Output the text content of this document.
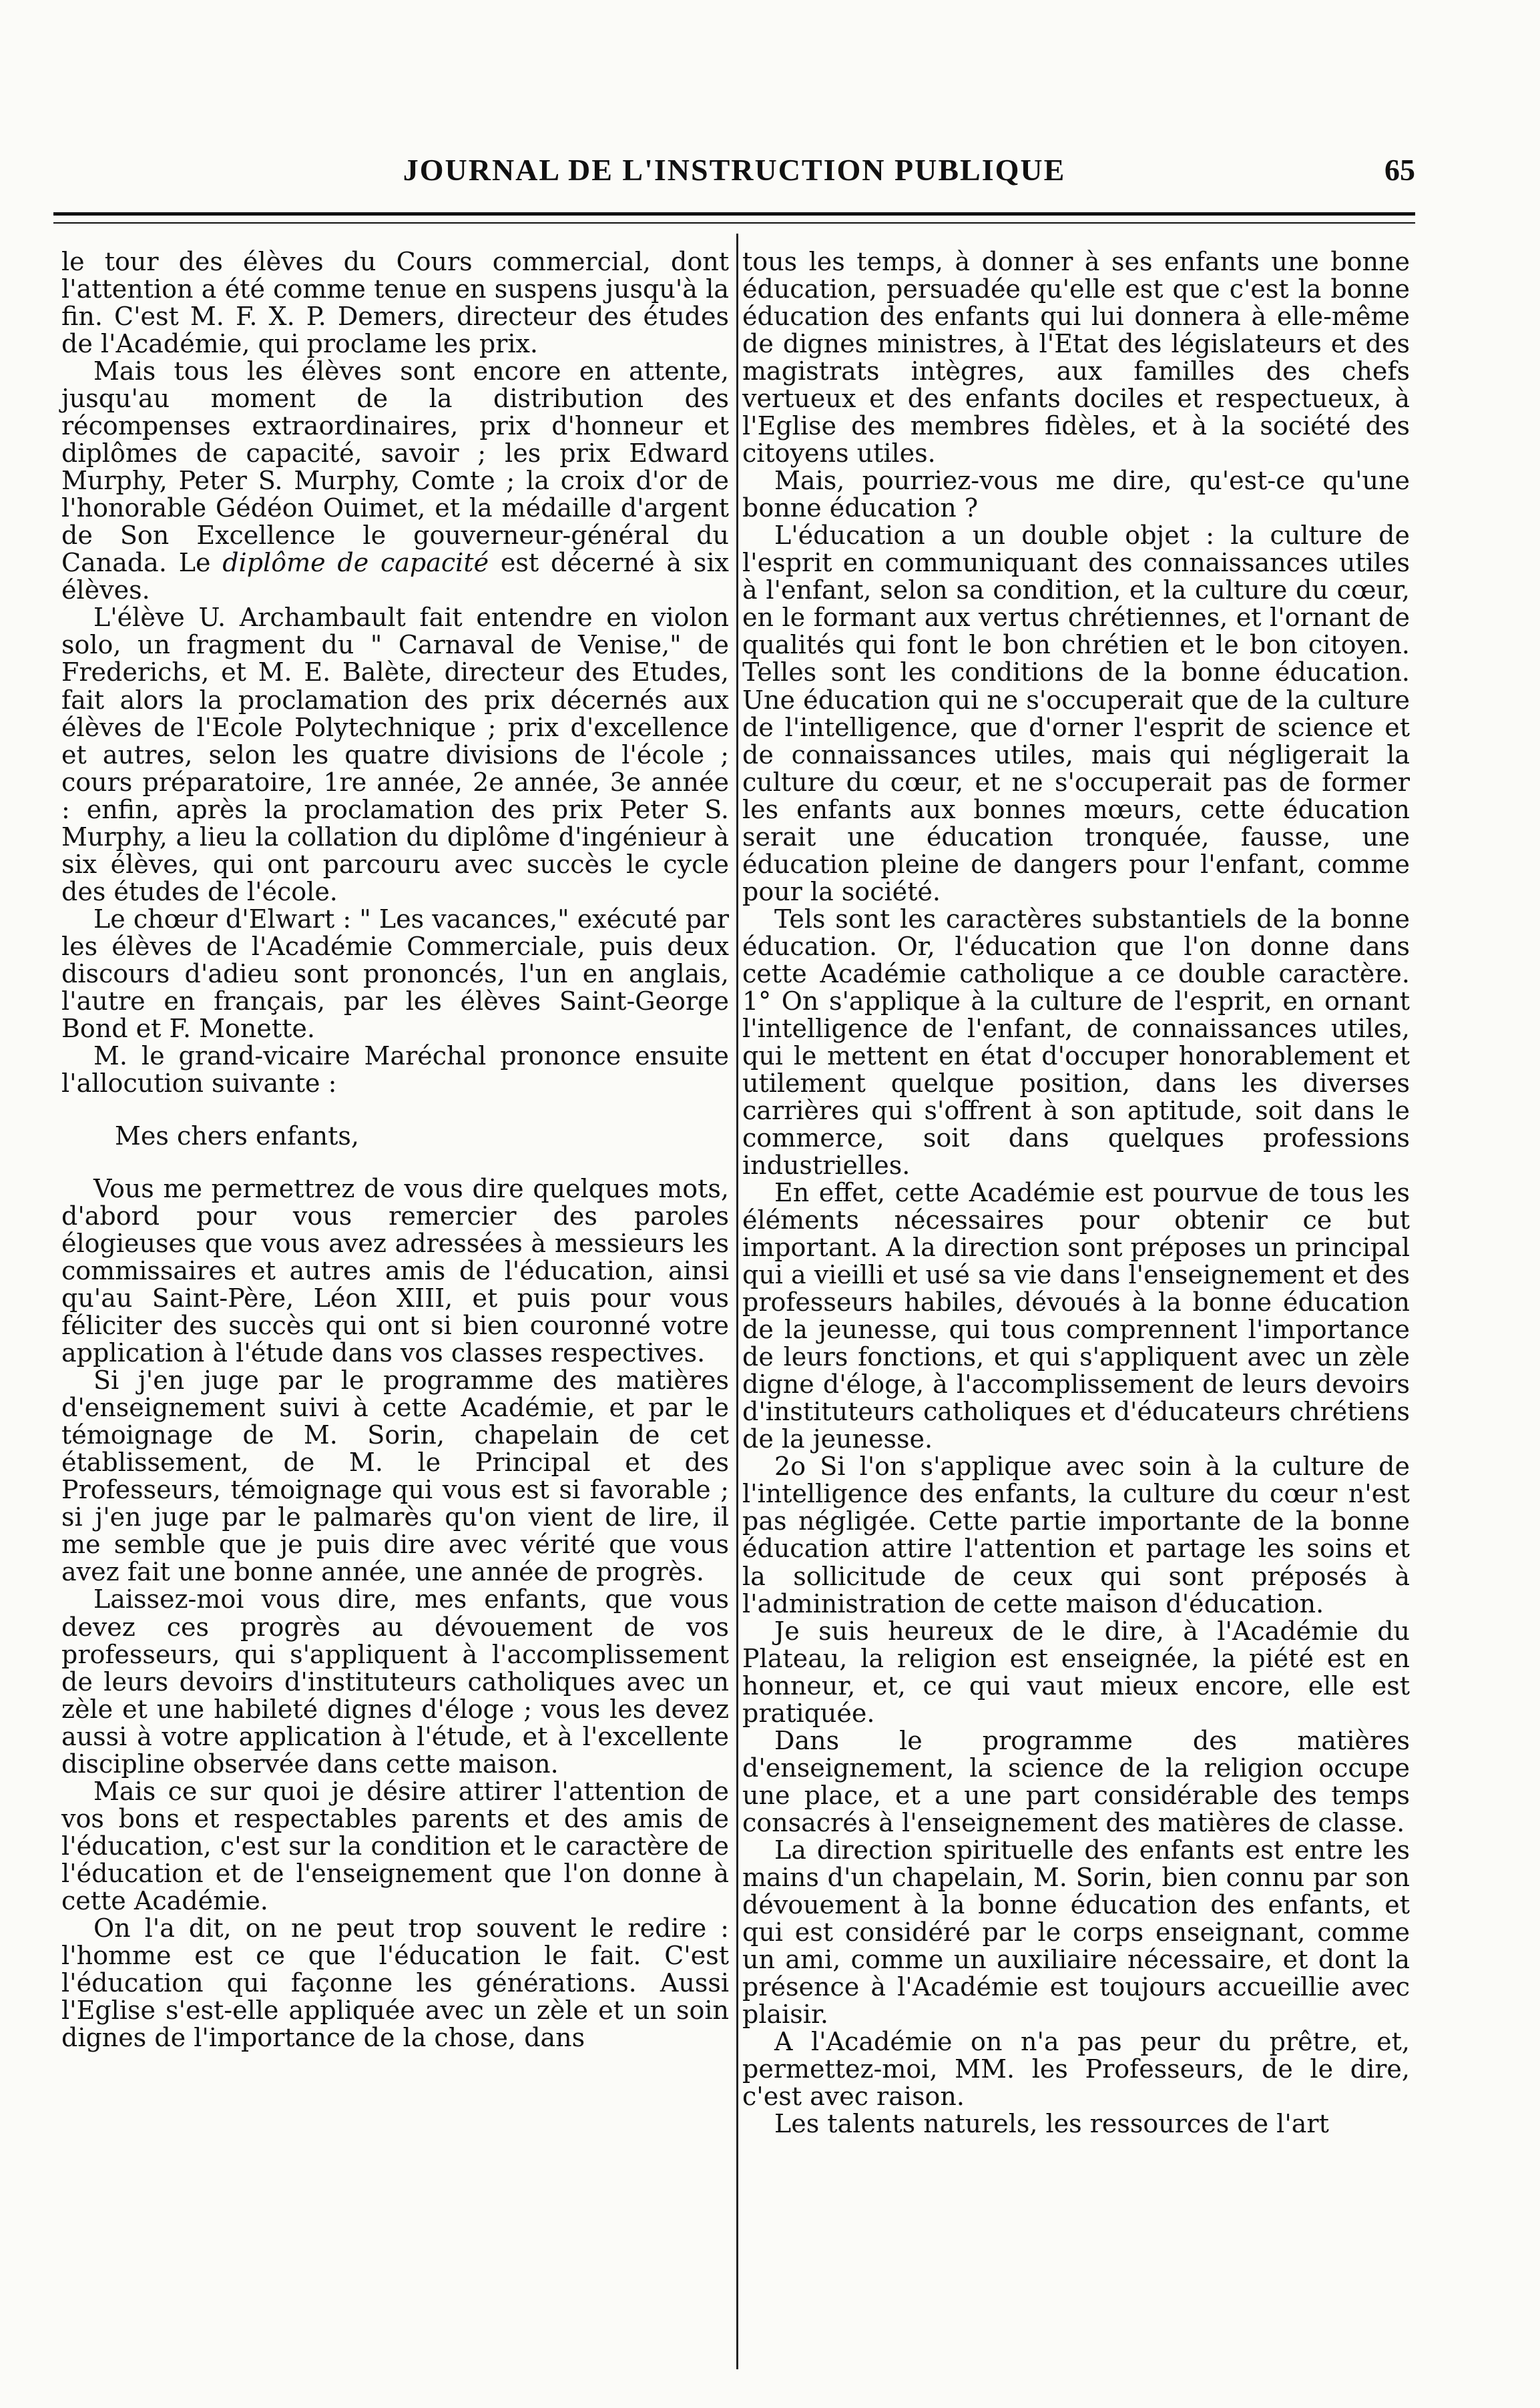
JOURNAL DE L'INSTRUCTION PUBLIQUE	65

le tour des élèves du Cours commercial, dont l'attention a été comme tenue en suspens jusqu'à la fin. C'est M. F. X. P. Demers, directeur des études de l'Académie, qui proclame les prix.

Mais tous les élèves sont encore en attente, jusqu'au moment de la distribution des récompenses extraordinaires, prix d'honneur et diplômes de capacité, savoir ; les prix Edward Murphy, Peter S. Murphy, Comte ; la croix d'or de l'honorable Gédéon Ouimet, et la médaille d'argent de Son Excellence le gouverneur-général du Canada. Le diplôme de capacité est décerné à six élèves.

L'élève U. Archambault fait entendre en violon solo, un fragment du " Carnaval de Venise," de Frederichs, et M. E. Balète, directeur des Etudes, fait alors la proclamation des prix décernés aux élèves de l'Ecole Polytechnique ; prix d'excellence et autres, selon les quatre divisions de l'école ; cours préparatoire, 1re année, 2e année, 3e année : enfin, après la proclamation des prix Peter S. Murphy, a lieu la collation du diplôme d'ingénieur à six élèves, qui ont parcouru avec succès le cycle des études de l'école.

Le chœur d'Elwart : " Les vacances," exécuté par les élèves de l'Académie Commerciale, puis deux discours d'adieu sont prononcés, l'un en anglais, l'autre en français, par les élèves Saint-George Bond et F. Monette.

M. le grand-vicaire Maréchal prononce ensuite l'allocution suivante :

Mes chers enfants,

Vous me permettrez de vous dire quelques mots, d'abord pour vous remercier des paroles élogieuses que vous avez adressées à messieurs les commissaires et autres amis de l'éducation, ainsi qu'au Saint-Père, Léon XIII, et puis pour vous féliciter des succès qui ont si bien couronné votre application à l'étude dans vos classes respectives.

Si j'en juge par le programme des matières d'enseignement suivi à cette Académie, et par le témoignage de M. Sorin, chapelain de cet établissement, de M. le Principal et des Professeurs, témoignage qui vous est si favorable ; si j'en juge par le palmarès qu'on vient de lire, il me semble que je puis dire avec vérité que vous avez fait une bonne année, une année de progrès.

Laissez-moi vous dire, mes enfants, que vous devez ces progrès au dévouement de vos professeurs, qui s'appliquent à l'accomplissement de leurs devoirs d'instituteurs catholiques avec un zèle et une habileté dignes d'éloge ; vous les devez aussi à votre application à l'étude, et à l'excellente discipline observée dans cette maison.

Mais ce sur quoi je désire attirer l'attention de vos bons et respectables parents et des amis de l'éducation, c'est sur la condition et le caractère de l'éducation et de l'enseignement que l'on donne à cette Académie.

On l'a dit, on ne peut trop souvent le redire : l'homme est ce que l'éducation le fait. C'est l'éducation qui façonne les générations. Aussi l'Eglise s'est-elle appliquée avec un zèle et un soin dignes de l'importance de la chose, dans

tous les temps, à donner à ses enfants une bonne éducation, persuadée qu'elle est que c'est la bonne éducation des enfants qui lui donnera à elle-même de dignes ministres, à l'Etat des législateurs et des magistrats intègres, aux familles des chefs vertueux et des enfants dociles et respectueux, à l'Eglise des membres fidèles, et à la société des citoyens utiles.

Mais, pourriez-vous me dire, qu'est-ce qu'une bonne éducation ?

L'éducation a un double objet : la culture de l'esprit en communiquant des connaissances utiles à l'enfant, selon sa condition, et la culture du cœur, en le formant aux vertus chrétiennes, et l'ornant de qualités qui font le bon chrétien et le bon citoyen. Telles sont les conditions de la bonne éducation. Une éducation qui ne s'occuperait que de la culture de l'intelligence, que d'orner l'esprit de science et de connaissances utiles, mais qui négligerait la culture du cœur, et ne s'occuperait pas de former les enfants aux bonnes mœurs, cette éducation serait une éducation tronquée, fausse, une éducation pleine de dangers pour l'enfant, comme pour la société.

Tels sont les caractères substantiels de la bonne éducation. Or, l'éducation que l'on donne dans cette Académie catholique a ce double caractère. 1° On s'applique à la culture de l'esprit, en ornant l'intelligence de l'enfant, de connaissances utiles, qui le mettent en état d'occuper honorablement et utilement quelque position, dans les diverses carrières qui s'offrent à son aptitude, soit dans le commerce, soit dans quelques professions industrielles.

En effet, cette Académie est pourvue de tous les éléments nécessaires pour obtenir ce but important. A la direction sont préposes un principal qui a vieilli et usé sa vie dans l'enseignement et des professeurs habiles, dévoués à la bonne éducation de la jeunesse, qui tous comprennent l'importance de leurs fonctions, et qui s'appliquent avec un zèle digne d'éloge, à l'accomplissement de leurs devoirs d'instituteurs catholiques et d'éducateurs chrétiens de la jeunesse.

2o Si l'on s'applique avec soin à la culture de l'intelligence des enfants, la culture du cœur n'est pas négligée. Cette partie importante de la bonne éducation attire l'attention et partage les soins et la sollicitude de ceux qui sont préposés à l'administration de cette maison d'éducation.

Je suis heureux de le dire, à l'Académie du Plateau, la religion est enseignée, la piété est en honneur, et, ce qui vaut mieux encore, elle est pratiquée.

Dans le programme des matières d'enseignement, la science de la religion occupe une place, et a une part considérable des temps consacrés à l'enseignement des matières de classe.

La direction spirituelle des enfants est entre les mains d'un chapelain, M. Sorin, bien connu par son dévouement à la bonne éducation des enfants, et qui est considéré par le corps enseignant, comme un ami, comme un auxiliaire nécessaire, et dont la présence à l'Académie est toujours accueillie avec plaisir.

A l'Académie on n'a pas peur du prêtre, et, permettez-moi, MM. les Professeurs, de le dire, c'est avec raison.

Les talents naturels, les ressources de l'art
